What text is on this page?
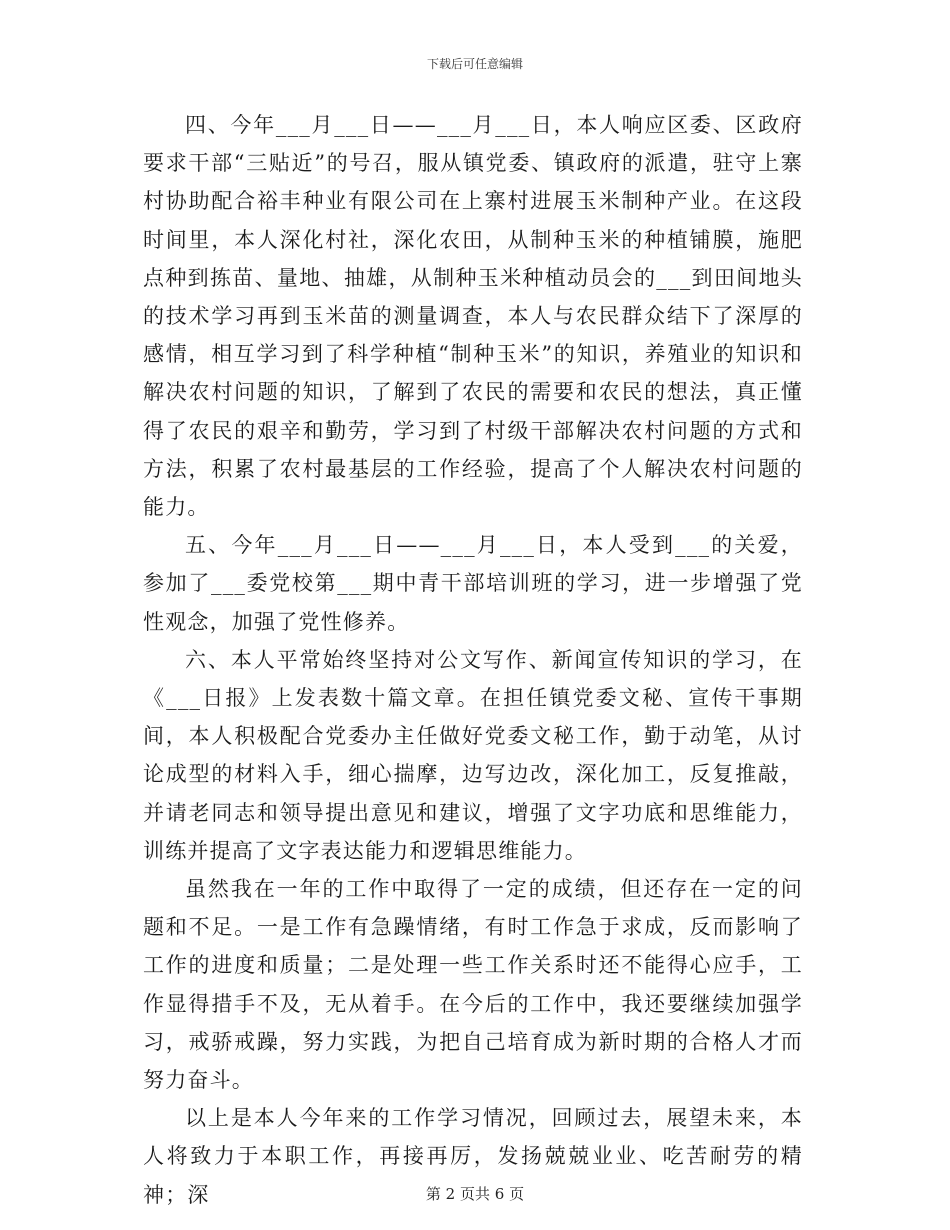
下载后可任意编辑

四、今年___月___日——___月___日，本人响应区委、区政府要求干部“三贴近”的号召，服从镇党委、镇政府的派遣，驻守上寨村协助配合裕丰种业有限公司在上寨村进展玉米制种产业。在这段时间里，本人深化村社，深化农田，从制种玉米的种植铺膜，施肥点种到拣苗、量地、抽雄，从制种玉米种植动员会的___到田间地头的技术学习再到玉米苗的测量调查，本人与农民群众结下了深厚的感情，相互学习到了科学种植“制种玉米”的知识，养殖业的知识和解决农村问题的知识，了解到了农民的需要和农民的想法，真正懂得了农民的艰辛和勤劳，学习到了村级干部解决农村问题的方式和方法，积累了农村最基层的工作经验，提高了个人解决农村问题的能力。

五、今年___月___日——___月___日，本人受到___的关爱，参加了___委党校第___期中青干部培训班的学习，进一步增强了党性观念，加强了党性修养。

六、本人平常始终坚持对公文写作、新闻宣传知识的学习，在《___日报》上发表数十篇文章。在担任镇党委文秘、宣传干事期间，本人积极配合党委办主任做好党委文秘工作，勤于动笔，从讨论成型的材料入手，细心揣摩，边写边改，深化加工，反复推敲，并请老同志和领导提出意见和建议，增强了文字功底和思维能力，训练并提高了文字表达能力和逻辑思维能力。

虽然我在一年的工作中取得了一定的成绩，但还存在一定的问题和不足。一是工作有急躁情绪，有时工作急于求成，反而影响了工作的进度和质量；二是处理一些工作关系时还不能得心应手，工作显得措手不及，无从着手。在今后的工作中，我还要继续加强学习，戒骄戒躁，努力实践，为把自己培育成为新时期的合格人才而努力奋斗。

以上是本人今年来的工作学习情况，回顾过去，展望未来，本人将致力于本职工作，再接再厉，发扬兢兢业业、吃苦耐劳的精神；深	第 2 页共 6 页
